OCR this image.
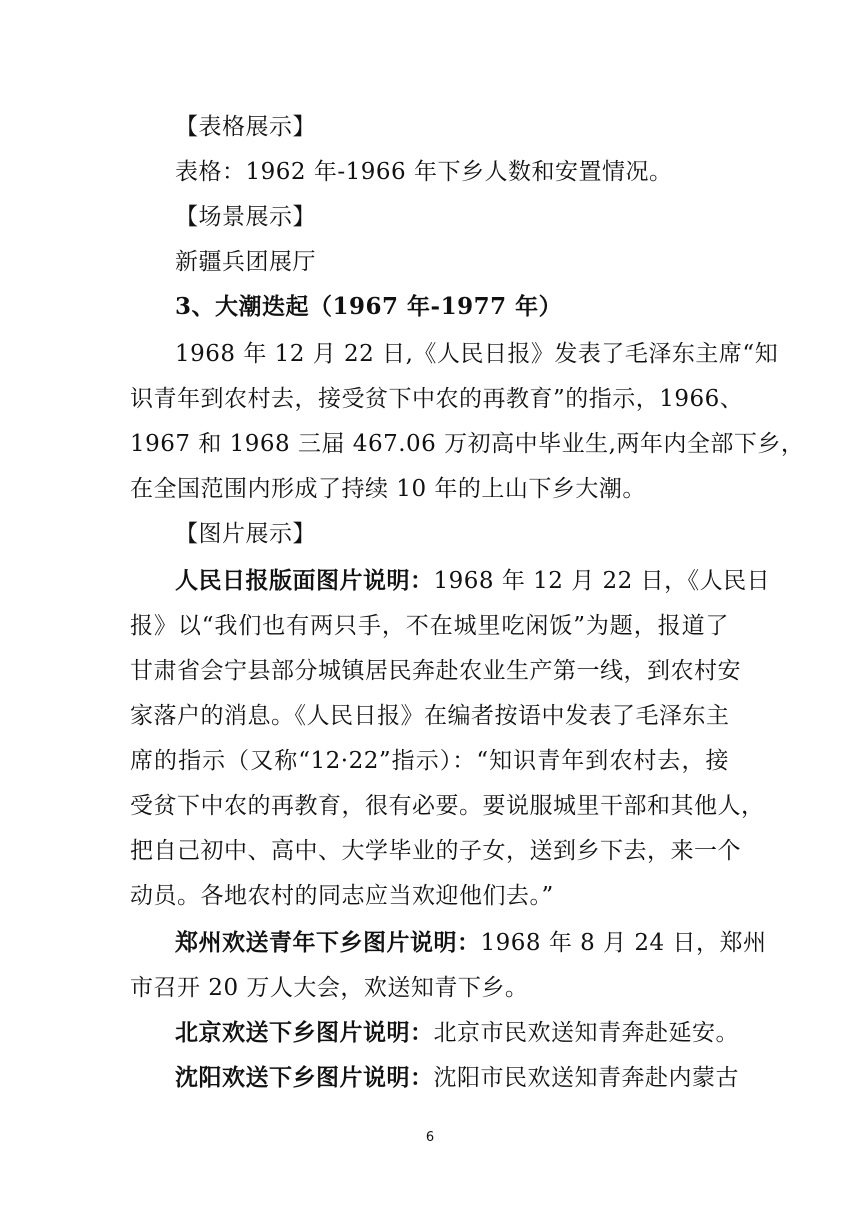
【表格展示】
表格：1962 年-1966 年下乡人数和安置情况。
【场景展示】
新疆兵团展厅
3、大潮迭起（1967 年-1977 年）
1968 年 12 月 22 日,《人民日报》发表了毛泽东主席“知
识青年到农村去，接受贫下中农的再教育”的指示，1966、
1967 和 1968 三届 467.06 万初高中毕业生,两年内全部下乡，
在全国范围内形成了持续 10 年的上山下乡大潮。
【图片展示】
人民日报版面图片说明：1968 年 12 月 22 日，《人民日
报》以“我们也有两只手，不在城里吃闲饭”为题，报道了
甘肃省会宁县部分城镇居民奔赴农业生产第一线，到农村安
家落户的消息。《人民日报》在编者按语中发表了毛泽东主
席的指示（又称“12·22”指示）：“知识青年到农村去，接
受贫下中农的再教育，很有必要。要说服城里干部和其他人，
把自己初中、高中、大学毕业的子女，送到乡下去，来一个
动员。各地农村的同志应当欢迎他们去。”
郑州欢送青年下乡图片说明：1968 年 8 月 24 日，郑州
市召开 20 万人大会，欢送知青下乡。
北京欢送下乡图片说明：北京市民欢送知青奔赴延安。
沈阳欢送下乡图片说明：沈阳市民欢送知青奔赴内蒙古
6
